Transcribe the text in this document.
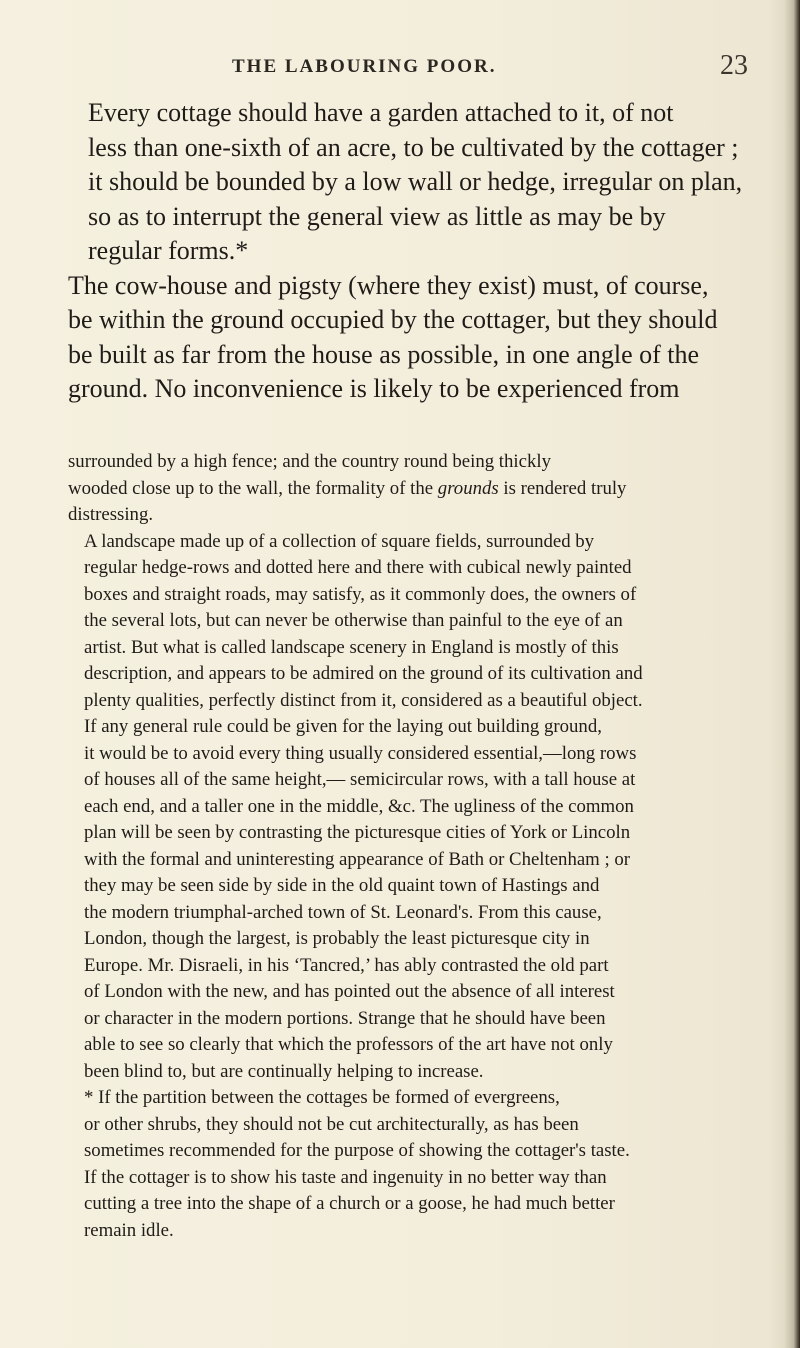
THE LABOURING POOR.	23

Every cottage should have a garden attached to it, of not
less than one-sixth of an acre, to be cultivated by the cottager ;
it should be bounded by a low wall or hedge, irregular on plan,
so as to interrupt the general view as little as may be by
regular forms.*

The cow-house and pigsty (where they exist) must, of course,
be within the ground occupied by the cottager, but they should
be built as far from the house as possible, in one angle of the
ground. No inconvenience is likely to be experienced from

surrounded by a high fence; and the country round being thickly
wooded close up to the wall, the formality of the grounds is rendered truly
distressing.

A landscape made up of a collection of square fields, surrounded by
regular hedge-rows and dotted here and there with cubical newly painted
boxes and straight roads, may satisfy, as it commonly does, the owners of
the several lots, but can never be otherwise than painful to the eye of an
artist. But what is called landscape scenery in England is mostly of this
description, and appears to be admired on the ground of its cultivation and
plenty qualities, perfectly distinct from it, considered as a beautiful object.

If any general rule could be given for the laying out building ground,
it would be to avoid every thing usually considered essential,—long rows
of houses all of the same height,— semicircular rows, with a tall house at
each end, and a taller one in the middle, &c. The ugliness of the common
plan will be seen by contrasting the picturesque cities of York or Lincoln
with the formal and uninteresting appearance of Bath or Cheltenham ; or
they may be seen side by side in the old quaint town of Hastings and
the modern triumphal-arched town of St. Leonard's. From this cause,
London, though the largest, is probably the least picturesque city in
Europe. Mr. Disraeli, in his ‘Tancred,’ has ably contrasted the old part
of London with the new, and has pointed out the absence of all interest
or character in the modern portions. Strange that he should have been
able to see so clearly that which the professors of the art have not only
been blind to, but are continually helping to increase.

* If the partition between the cottages be formed of evergreens,
or other shrubs, they should not be cut architecturally, as has been
sometimes recommended for the purpose of showing the cottager's taste.
If the cottager is to show his taste and ingenuity in no better way than
cutting a tree into the shape of a church or a goose, he had much better
remain idle.
